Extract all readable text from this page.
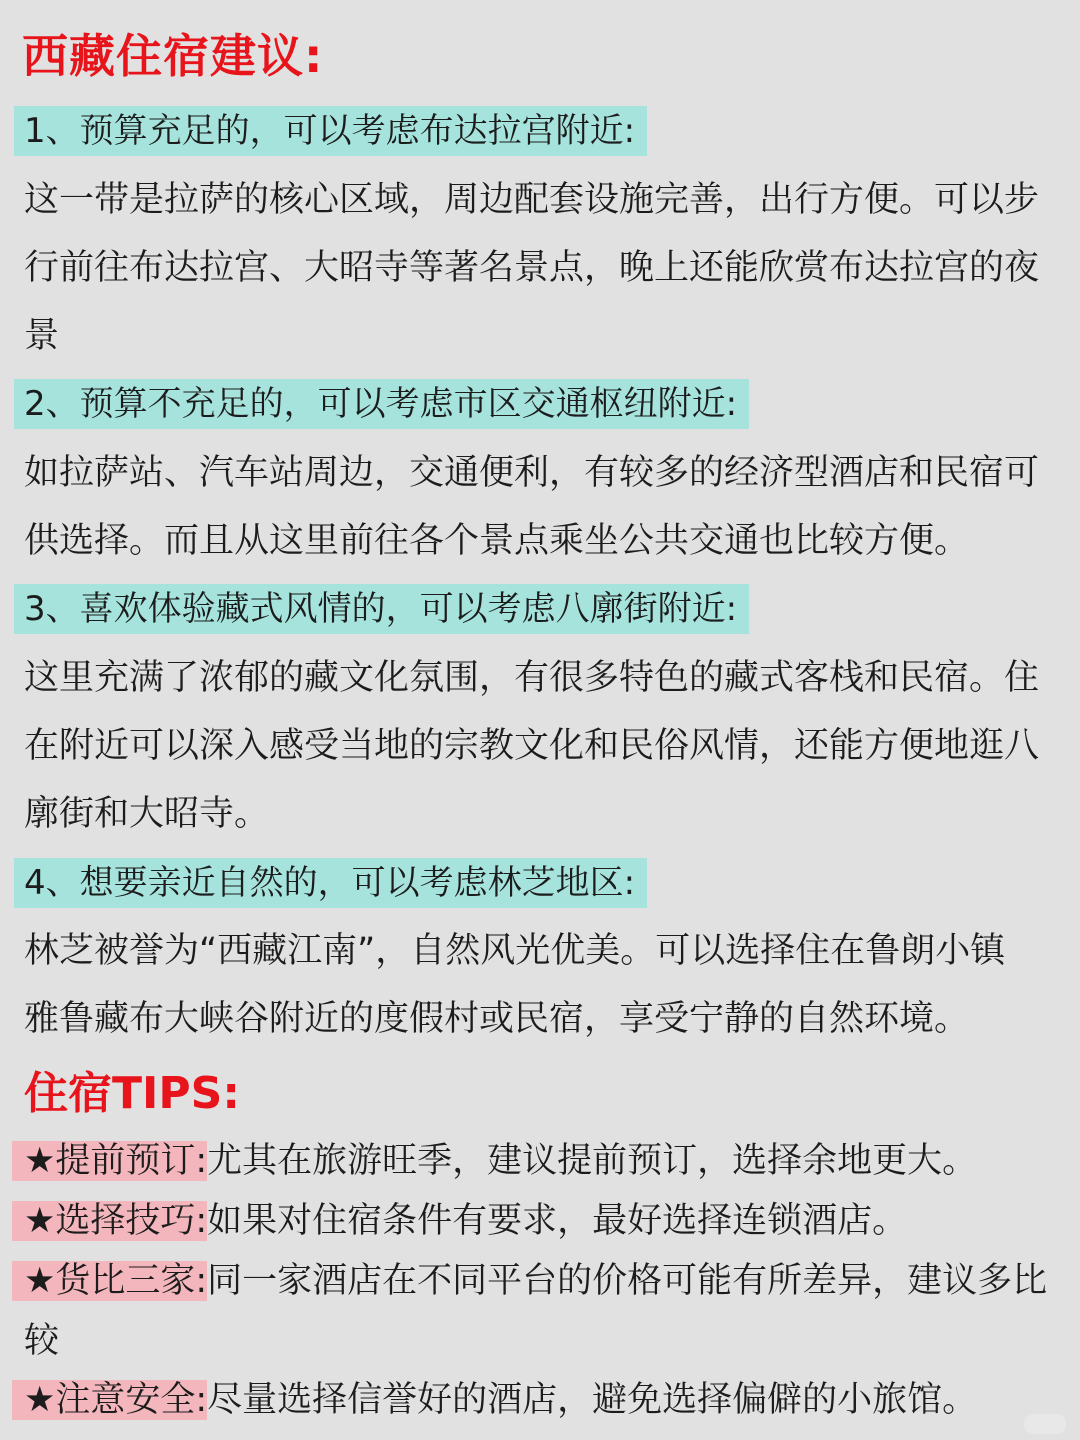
西藏住宿建议:
1、预算充足的，可以考虑布达拉宫附近:
这一带是拉萨的核心区域，周边配套设施完善，出行方便。可以步行前往布达拉宫、大昭寺等著名景点，晚上还能欣赏布达拉宫的夜景
2、预算不充足的，可以考虑市区交通枢纽附近:
如拉萨站、汽车站周边，交通便利，有较多的经济型酒店和民宿可供选择。而且从这里前往各个景点乘坐公共交通也比较方便。
3、喜欢体验藏式风情的，可以考虑八廓街附近:
这里充满了浓郁的藏文化氛围，有很多特色的藏式客栈和民宿。住在附近可以深入感受当地的宗教文化和民俗风情，还能方便地逛八廓街和大昭寺。
4、想要亲近自然的，可以考虑林芝地区:
林芝被誉为“西藏江南”，自然风光优美。可以选择住在鲁朗小镇雅鲁藏布大峡谷附近的度假村或民宿，享受宁静的自然环境。
住宿TIPS:
★提前预订:尤其在旅游旺季，建议提前预订，选择余地更大。
★选择技巧:如果对住宿条件有要求，最好选择连锁酒店。
★货比三家:同一家酒店在不同平台的价格可能有所差异，建议多比较
★注意安全:尽量选择信誉好的酒店，避免选择偏僻的小旅馆。
